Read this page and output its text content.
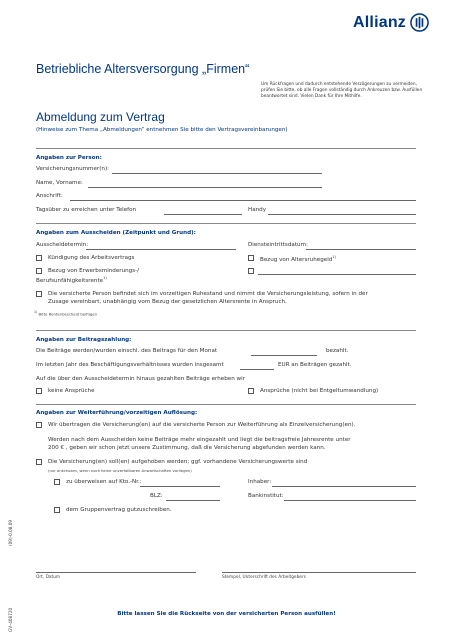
Allianz
Um Rückfragen und dadurch entstehende Verzögerungen zu vermeiden, prüfen Sie bitte, ob alle Fragen vollständig durch Ankreuzen bzw. Ausfüllen beantwortet sind. Vielen Dank für Ihre Mithilfe.
Betriebliche Altersversorgung „Firmen“
Abmeldung zum Vertrag
(Hinweise zum Thema „Abmeldungen“ entnehmen Sie bitte den Vertragsvereinbarungen)
Angaben zur Person:
Versicherungsnummer(n):
Name, Vorname:
Anschrift:
Tagsüber zu erreichen unter Telefon	Handy
Angaben zum Ausscheiden (Zeitpunkt und Grund):
Ausscheidetermin:	Diensteintrittsdatum:
Kündigung des Arbeitsvertrags	Bezug von Altersruhegeld$^{1)}$
Bezug von Erwerbsminderungs-/
Berufsunfähigkeitsrente$^{1)}$
Die versicherte Person befindet sich im vorzeitigen Ruhestand und nimmt die Versicherungsleistung, sofern in der
Zusage vereinbart, unabhängig vom Bezug der gesetzlichen Altersrente in Anspruch.
$^{1)}$ Bitte Rentenbescheid beifügen
Angaben zur Beitragszahlung:
Die Beiträge werden/wurden einschl. des Beitrags für den Monat	bezahlt.
Im letzten Jahr des Beschäftigungsverhältnisses wurden insgesamt	EUR an Beiträgen gezahlt.
Auf die über den Ausscheidetermin hinaus gezahlten Beiträge erheben wir
keine Ansprüche	Ansprüche (nicht bei Entgeltumwandlung)
Angaben zur Weiterführung/vorzeitigen Auflösung:
Wir übertragen die Versicherung(en) auf die versicherte Person zur Weiterführung als Einzelversicherung(en).
Werden nach dem Ausscheiden keine Beiträge mehr eingezahlt und liegt die beitragsfreie Jahresrente unter
200 € , geben wir schon jetzt unsere Zustimmung, daß die Versicherung abgefunden werden kann.
Die Versicherung(en) soll(en) aufgehoben werden; ggf. vorhandene Versicherungswerte sind
(nur ankreuzen, wenn noch keine unverfallbaren Anwartschaften vorliegen)
zu überweisen auf Kto.-Nr.:	Inhaber:
BLZ:	Bankinstitut:
dem Gruppenvertrag gutzuschreiben.
Ort, Datum	Stempel, Unterschrift des Arbeitgebers
GV–408720
(09)-0.08.09
Bitte lassen Sie die Rückseite von der versicherten Person ausfüllen!
